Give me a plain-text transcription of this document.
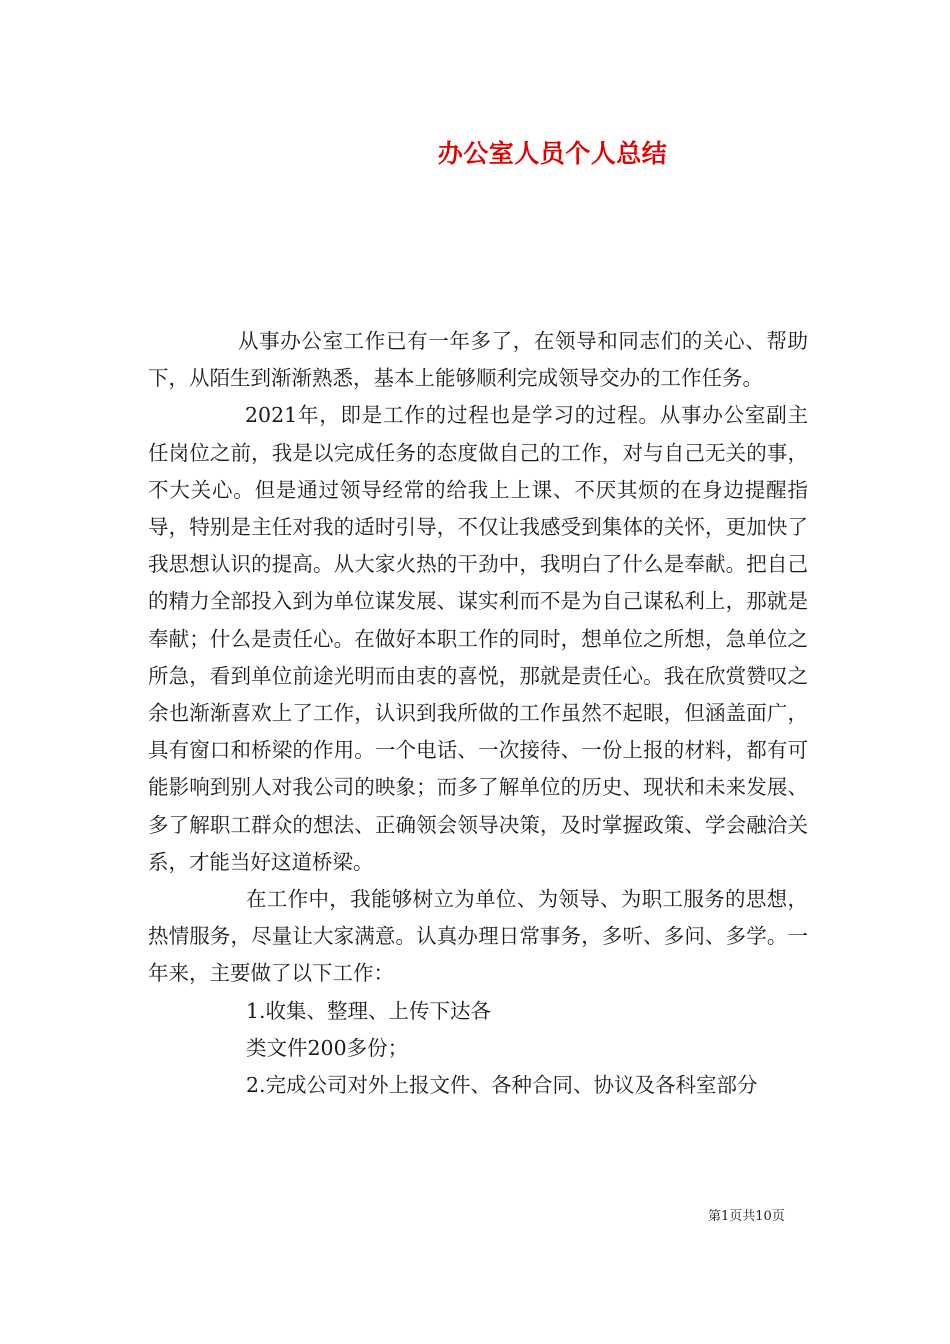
办公室人员个人总结

从事办公室工作已有一年多了，在领导和同志们的关心、帮助下，从陌生到渐渐熟悉，基本上能够顺利完成领导交办的工作任务。

2021年，即是工作的过程也是学习的过程。从事办公室副主任岗位之前，我是以完成任务的态度做自己的工作，对与自己无关的事，不大关心。但是通过领导经常的给我上上课、不厌其烦的在身边提醒指导，特别是主任对我的适时引导，不仅让我感受到集体的关怀，更加快了我思想认识的提高。从大家火热的干劲中，我明白了什么是奉献。把自己的精力全部投入到为单位谋发展、谋实利而不是为自己谋私利上，那就是奉献；什么是责任心。在做好本职工作的同时，想单位之所想，急单位之所急，看到单位前途光明而由衷的喜悦，那就是责任心。我在欣赏赞叹之余也渐渐喜欢上了工作，认识到我所做的工作虽然不起眼，但涵盖面广，具有窗口和桥梁的作用。一个电话、一次接待、一份上报的材料，都有可能影响到别人对我公司的映象；而多了解单位的历史、现状和未来发展、多了解职工群众的想法、正确领会领导决策，及时掌握政策、学会融洽关系，才能当好这道桥梁。

在工作中，我能够树立为单位、为领导、为职工服务的思想，热情服务，尽量让大家满意。认真办理日常事务，多听、多问、多学。一年来，主要做了以下工作：

1.收集、整理、上传下达各

类文件200多份；

2.完成公司对外上报文件、各种合同、协议及各科室部分

第1页共10页
